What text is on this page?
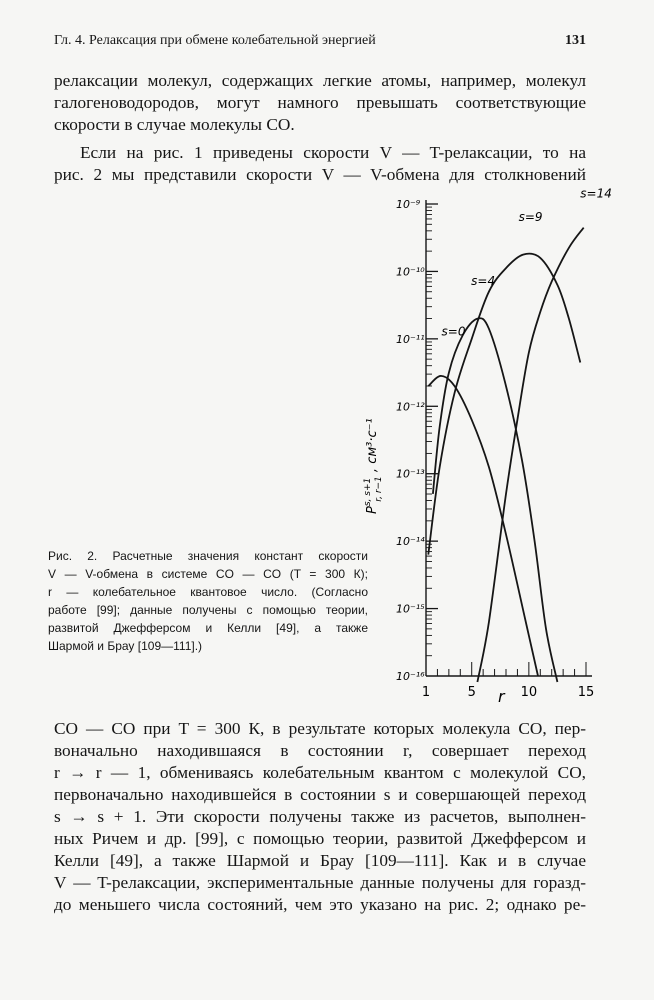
Гл. 4. Релаксация при обмене колебательной энергией	131
релаксации молекул, содержащих легкие атомы, например, молекул
галогеноводородов, могут намного превышать соответствующие
скорости в случае молекулы CO.
Если на рис. 1 приведены скорости V — T-релаксации, то на
рис. 2 мы представили скорости V — V-обмена для столкновений
Рис. 2. Расчетные значения констант скорости
V — V-обмена в системе CO — CO (T = 300 К);
r — колебательное квантовое число. (Согласно
работе [99]; данные получены с помощью теории,
развитой Джефферсом и Келли [49], а также
Шармой и Брау [109—111].)
10⁻⁹
10⁻¹⁰
10⁻¹¹
10⁻¹²
10⁻¹³
10⁻¹⁴
10⁻¹⁵
10⁻¹⁶
1	5	10	15
s=0
s=4
s=9
s=14
r
$P^{s, s+1}r$, r−1 , см³·с⁻¹
CO — CO при T = 300 К, в результате которых молекула CO, пер-
воначально находившаяся в состоянии r, совершает переход
r → r — 1, обмениваясь колебательным квантом с молекулой CO,
первоначально находившейся в состоянии s и совершающей переход
s → s + 1. Эти скорости получены также из расчетов, выполнен-
ных Ричем и др. [99], с помощью теории, развитой Джефферсом и
Келли [49], а также Шармой и Брау [109—111]. Как и в случае
V — T-релаксации, экспериментальные данные получены для горазд-
до меньшего числа состояний, чем это указано на рис. 2; однако ре-
